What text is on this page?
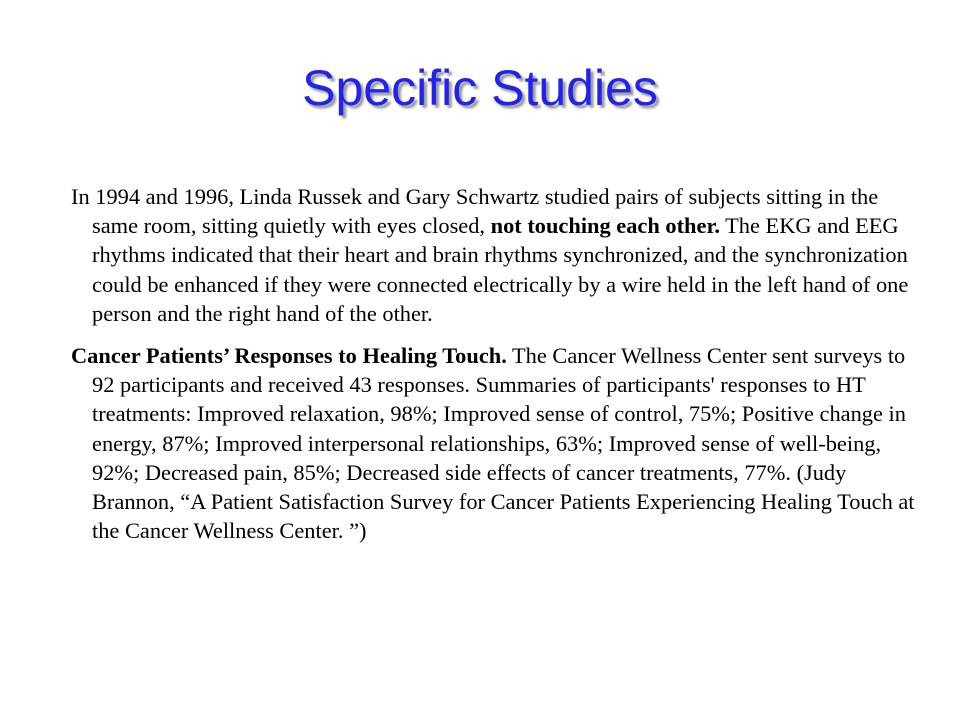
Specific Studies

In 1994 and 1996, Linda Russek and Gary Schwartz studied pairs of subjects sitting in the same room, sitting quietly with eyes closed, not touching each other. The EKG and EEG rhythms indicated that their heart and brain rhythms synchronized, and the synchronization could be enhanced if they were connected electrically by a wire held in the left hand of one person and the right hand of the other.

Cancer Patients’ Responses to Healing Touch. The Cancer Wellness Center sent surveys to 92 participants and received 43 responses. Summaries of participants' responses to HT treatments: Improved relaxation, 98%; Improved sense of control, 75%; Positive change in energy, 87%; Improved interpersonal relationships, 63%; Improved sense of well-being, 92%; Decreased pain, 85%; Decreased side effects of cancer treatments, 77%. (Judy Brannon, “A Patient Satisfaction Survey for Cancer Patients Experiencing Healing Touch at the Cancer Wellness Center. ”)
